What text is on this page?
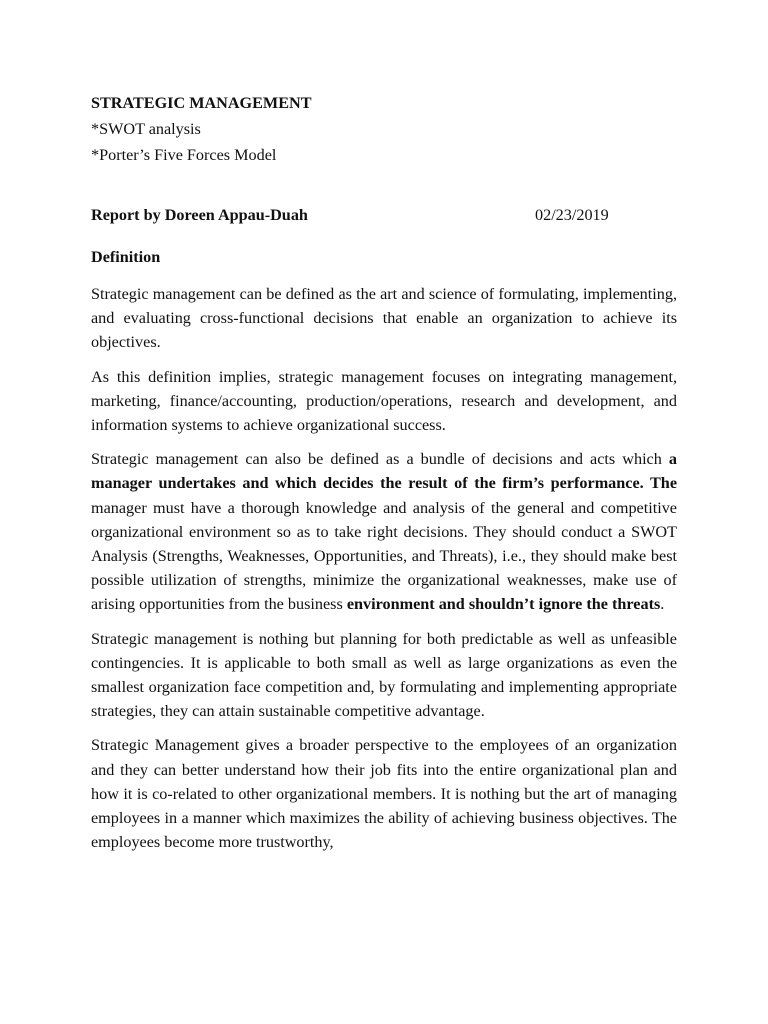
STRATEGIC MANAGEMENT
*SWOT analysis
*Porter’s Five Forces Model
Report by Doreen Appau-Duah	02/23/2019
Definition

Strategic management can be defined as the art and science of formulating, implementing, and evaluating cross-functional decisions that enable an organization to achieve its objectives.

As this definition implies, strategic management focuses on integrating management, marketing, finance/accounting, production/operations, research and development, and information systems to achieve organizational success.

Strategic management can also be defined as a bundle of decisions and acts which a manager undertakes and which decides the result of the firm’s performance. The manager must have a thorough knowledge and analysis of the general and competitive organizational environment so as to take right decisions. They should conduct a SWOT Analysis (Strengths, Weaknesses, Opportunities, and Threats), i.e., they should make best possible utilization of strengths, minimize the organizational weaknesses, make use of arising opportunities from the business environment and shouldn’t ignore the threats.

Strategic management is nothing but planning for both predictable as well as unfeasible contingencies. It is applicable to both small as well as large organizations as even the smallest organization face competition and, by formulating and implementing appropriate strategies, they can attain sustainable competitive advantage.

Strategic Management gives a broader perspective to the employees of an organization and they can better understand how their job fits into the entire organizational plan and how it is co-related to other organizational members. It is nothing but the art of managing employees in a manner which maximizes the ability of achieving business objectives. The employees become more trustworthy,
